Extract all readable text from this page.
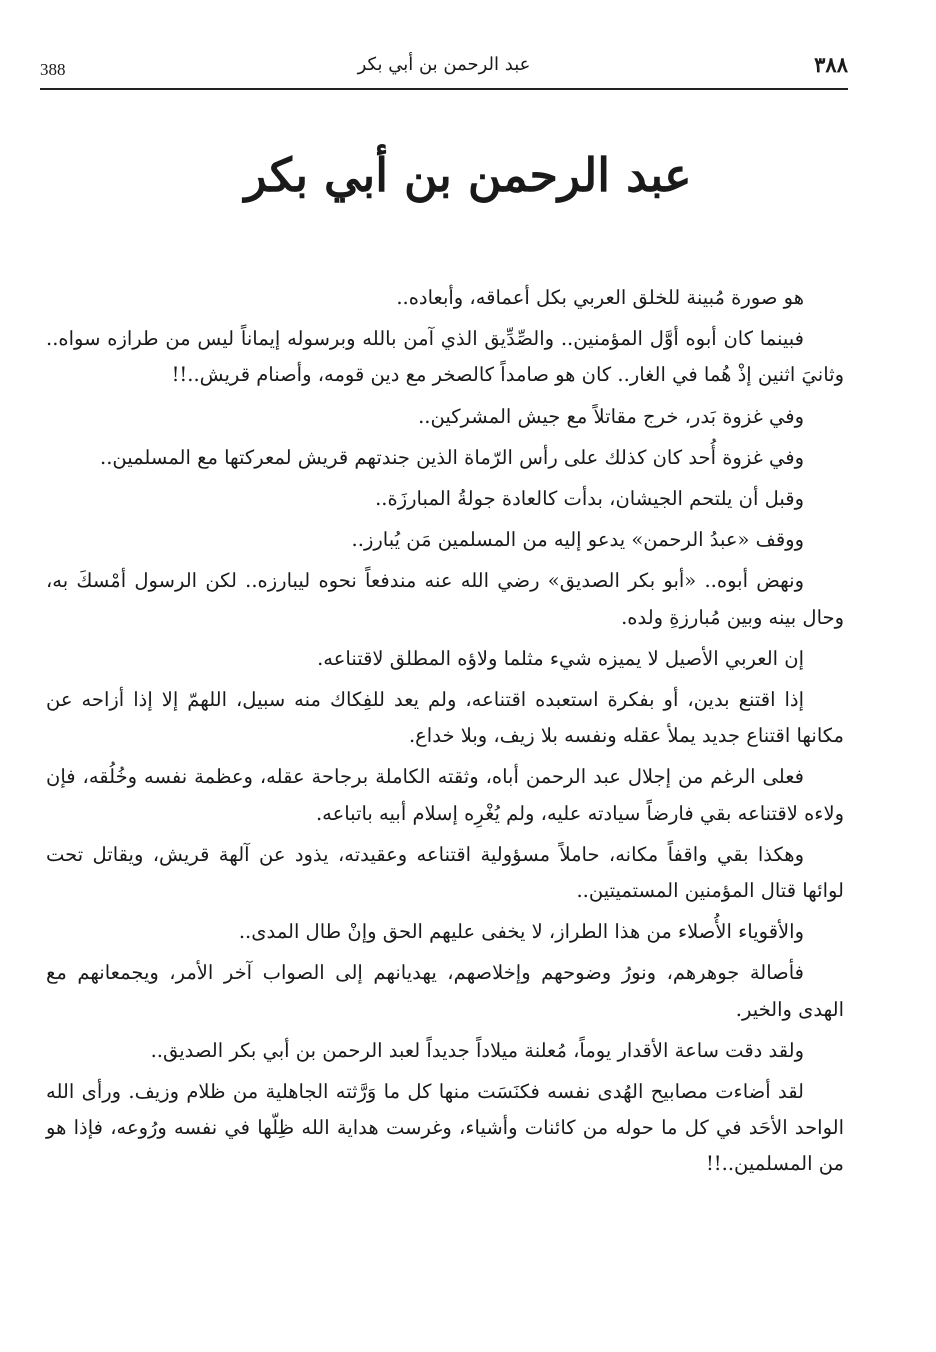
388	عبد الرحمن بن أبي بكر	٣٨٨
عبد الرحمن بن أبي بكر

هو صورة مُبينة للخلق العربي بكل أعماقه، وأبعاده..

فبينما كان أبوه أوَّل المؤمنين.. والصِّدِّيق الذي آمن بالله وبرسوله إيماناً ليس من طرازه سواه.. وثانيَ اثنين إذْ هُما في الغار.. كان هو صامداً كالصخر مع دين قومه، وأصنام قريش..!!

وفي غزوة بَدر، خرج مقاتلاً مع جيش المشركين..

وفي غزوة أُحد كان كذلك على رأس الرّماة الذين جندتهم قريش لمعركتها مع المسلمين..

وقبل أن يلتحم الجيشان، بدأت كالعادة جولةُ المبارزَة..

ووقف «عبدُ الرحمن» يدعو إليه من المسلمين مَن يُبارز..

ونهض أبوه.. «أبو بكر الصديق» رضي الله عنه مندفعاً نحوه ليبارزه.. لكن الرسول أمْسكَ به، وحال بينه وبين مُبارزةِ ولده.

إن العربي الأصيل لا يميزه شيء مثلما ولاؤه المطلق لاقتناعه.

إذا اقتنع بدين، أو بفكرة استعبده اقتناعه، ولم يعد للفِكاك منه سبيل، اللهمّ إلا إذا أزاحه عن مكانها اقتناع جديد يملأ عقله ونفسه بلا زيف، وبلا خداع.

فعلى الرغم من إجلال عبد الرحمن أباه، وثقته الكاملة برجاحة عقله، وعظمة نفسه وخُلُقه، فإن ولاءه لاقتناعه بقي فارضاً سيادته عليه، ولم يُغْرِه إسلام أبيه باتباعه.

وهكذا بقي واقفاً مكانه، حاملاً مسؤولية اقتناعه وعقيدته، يذود عن آلهة قريش، ويقاتل تحت لوائها قتال المؤمنين المستميتين..

والأقوياء الأُصلاء من هذا الطراز، لا يخفى عليهم الحق وإنْ طال المدى..

فأصالة جوهرهم، ونورُ وضوحهم وإخلاصهم، يهديانهم إلى الصواب آخر الأمر، ويجمعانهم مع الهدى والخير.

ولقد دقت ساعة الأقدار يوماً، مُعلنة ميلاداً جديداً لعبد الرحمن بن أبي بكر الصديق..

لقد أضاءت مصابيح الهُدى نفسه فكنَسَت منها كل ما وَرَّثته الجاهلية من ظلام وزيف. ورأى الله الواحد الأحَد في كل ما حوله من كائنات وأشياء، وغرست هداية الله ظِلّها في نفسه ورُوعه، فإذا هو من المسلمين..!!
